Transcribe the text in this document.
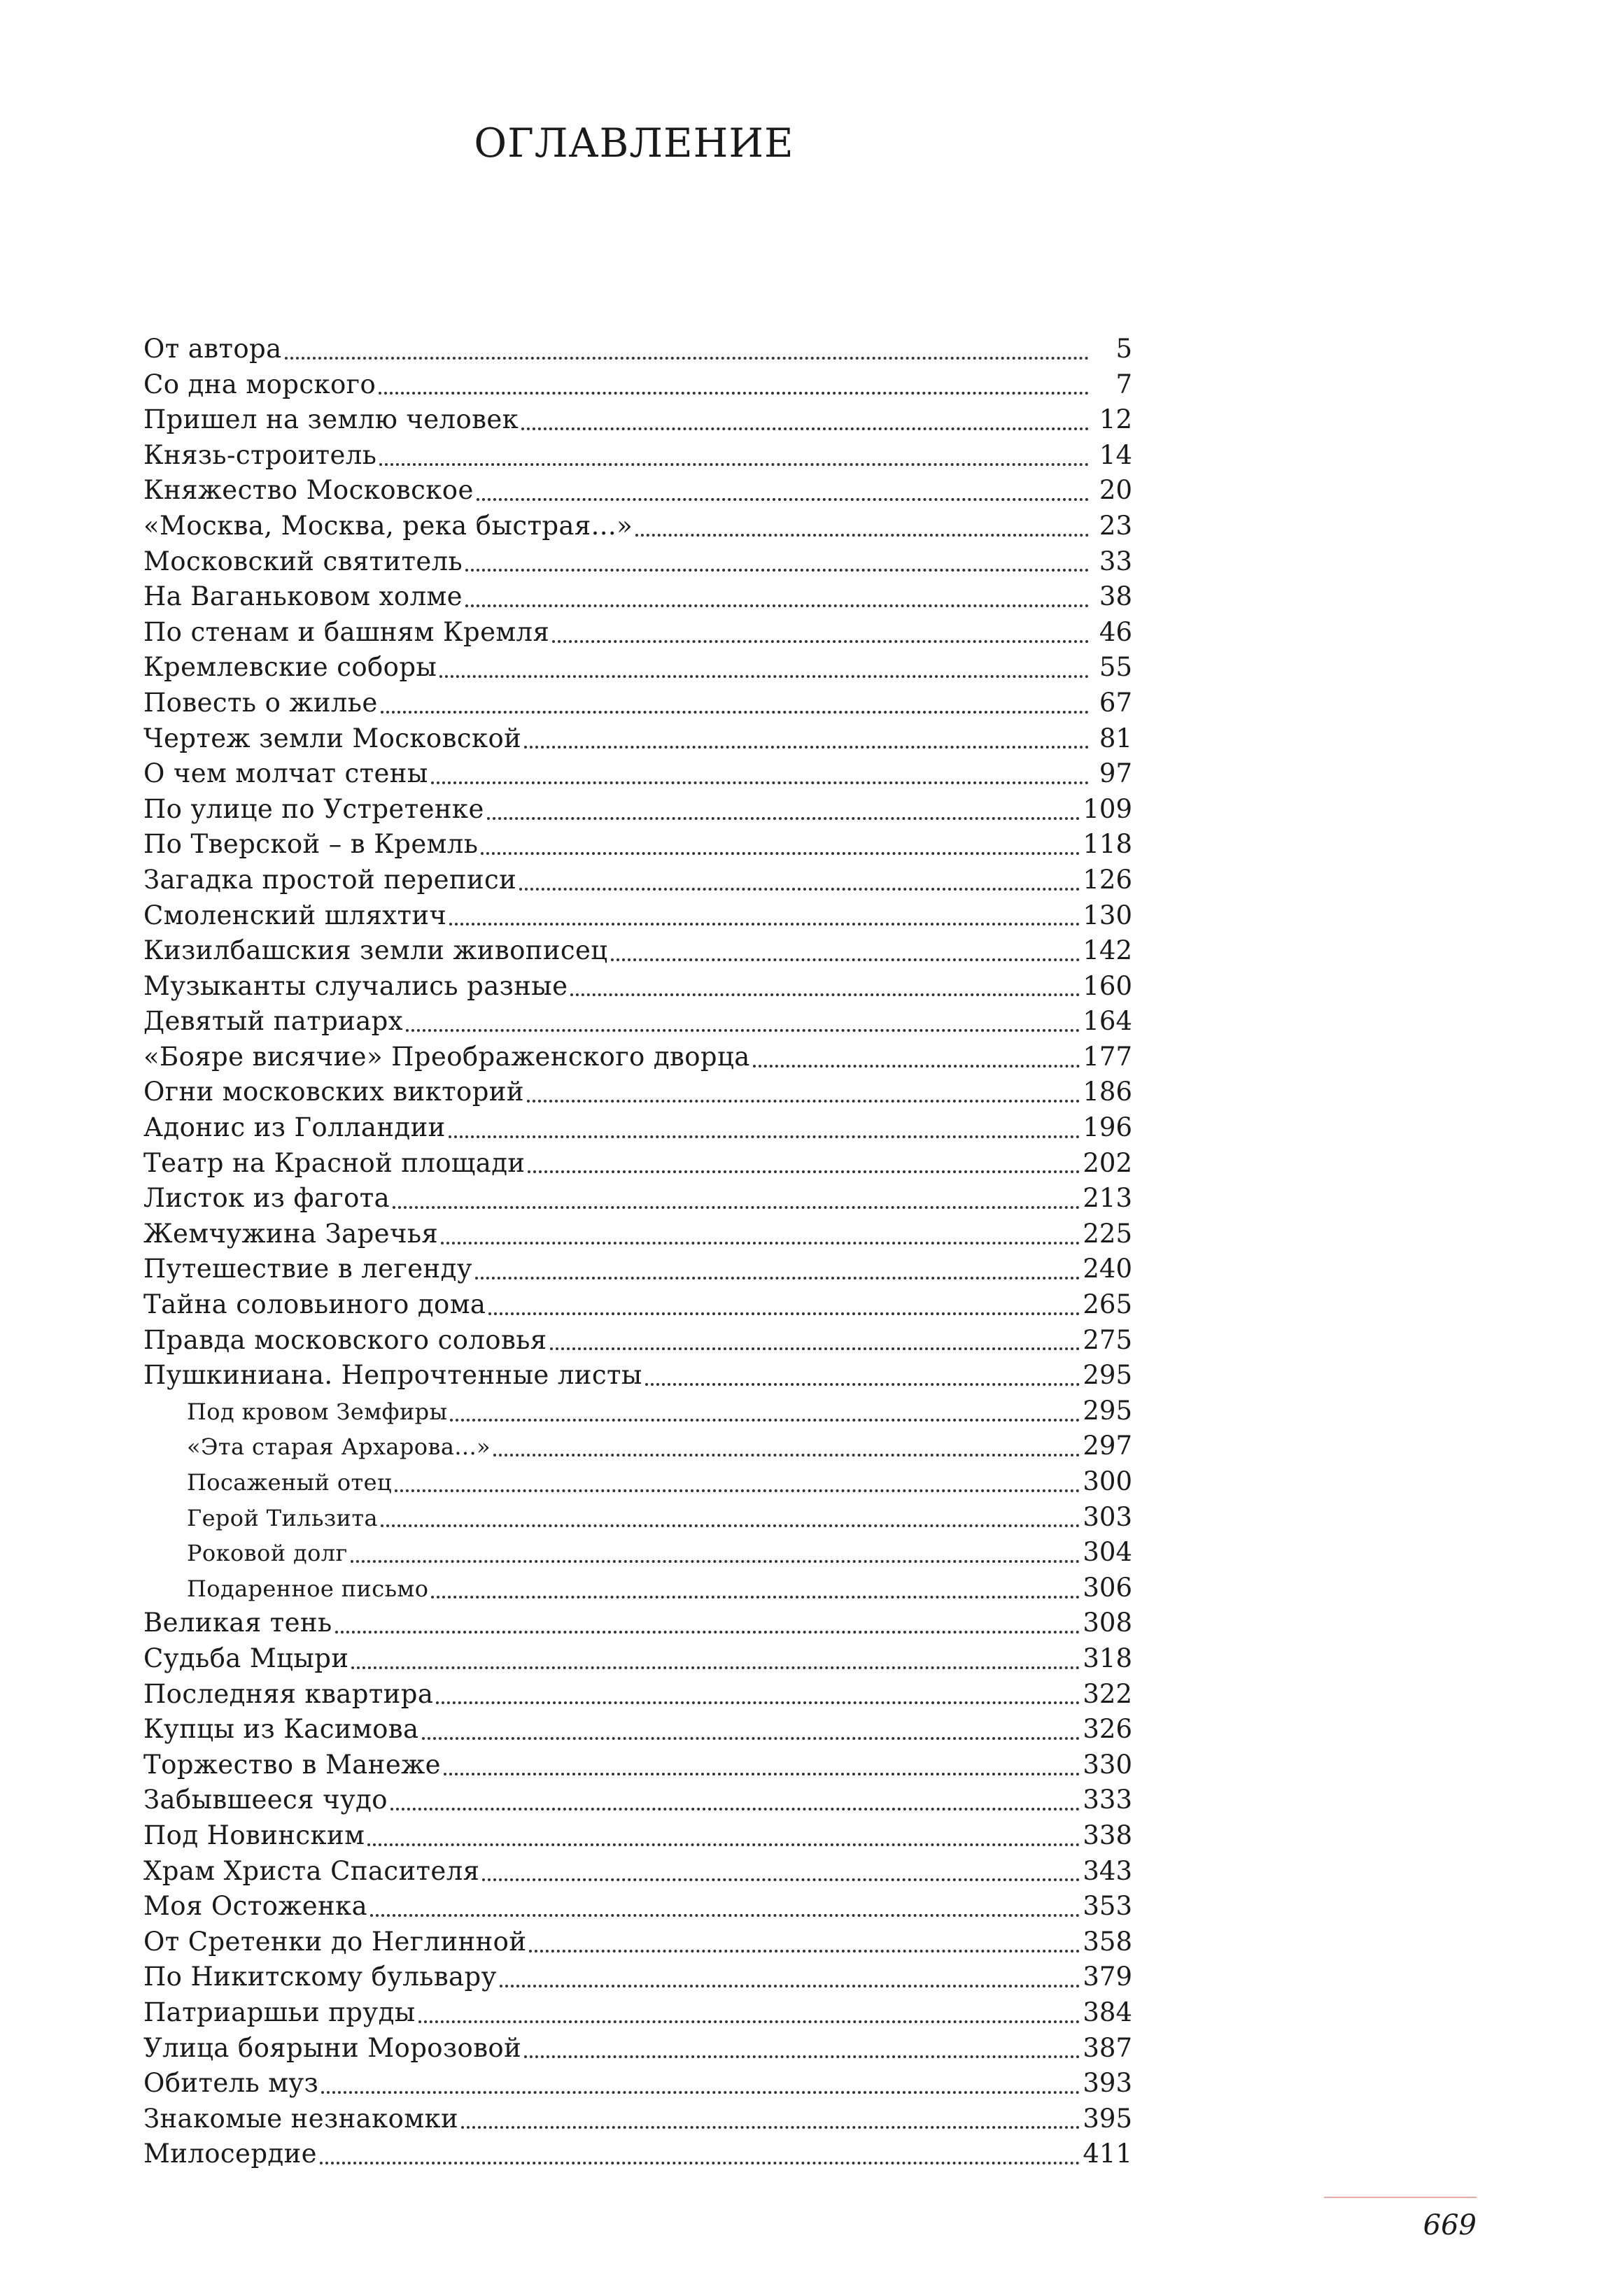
ОГЛАВЛЕНИЕ
От автора	5
Со дна морского	7
Пришел на землю человек	12
Князь-строитель	14
Княжество Московское	20
«Москва, Москва, река быстрая...»	23
Московский святитель	33
На Ваганьковом холме	38
По стенам и башням Кремля	46
Кремлевские соборы	55
Повесть о жилье	67
Чертеж земли Московской	81
О чем молчат стены	97
По улице по Устретенке	109
По Тверской – в Кремль	118
Загадка простой переписи	126
Смоленский шляхтич	130
Кизилбашския земли живописец	142
Музыканты случались разные	160
Девятый патриарх	164
«Бояре висячие» Преображенского дворца	177
Огни московских викторий	186
Адонис из Голландии	196
Театр на Красной площади	202
Листок из фагота	213
Жемчужина Заречья	225
Путешествие в легенду	240
Тайна соловьиного дома	265
Правда московского соловья	275
Пушкиниана. Непрочтенные листы	295
Под кровом Земфиры	295
«Эта старая Архарова...»	297
Посаженый отец	300
Герой Тильзита	303
Роковой долг	304
Подаренное письмо	306
Великая тень	308
Судьба Мцыри	318
Последняя квартира	322
Купцы из Касимова	326
Торжество в Манеже	330
Забывшееся чудо	333
Под Новинским	338
Храм Христа Спасителя	343
Моя Остоженка	353
От Сретенки до Неглинной	358
По Никитскому бульвару	379
Патриаршьи пруды	384
Улица боярыни Морозовой	387
Обитель муз	393
Знакомые незнакомки	395
Милосердие	411
669
